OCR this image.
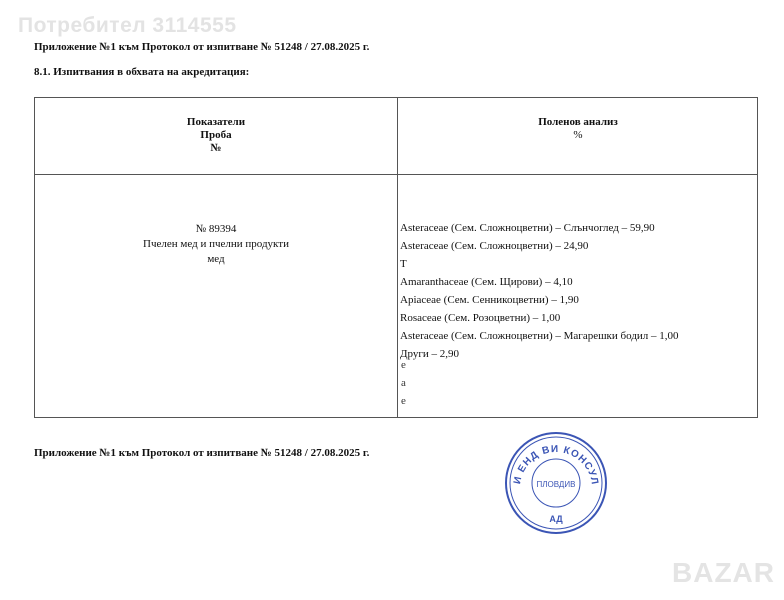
Потребител 3114555
Приложение №1 към Протокол от изпитване № 51248 / 27.08.2025 г.
8.1. Изпитвания в обхвата на акредитация:
Показатели
Проба
№
Поленов анализ
%
№ 89394
Пчелен мед и пчелни продукти
мед
Asteraceae (Сем. Сложноцветни) – Слънчоглед – 59,90
Asteraceae (Сем. Сложноцветни) – 24,90
T
Amaranthaceae (Сем. Щирови) – 4,10
Apiaceae (Сем. Сенникоцветни) – 1,90
Rosaceae (Сем. Розоцветни) – 1,00
Asteraceae (Сем. Сложноцветни) – Магарешки бодил – 1,00
Други – 2,90
e
a
e
Приложение №1 към Протокол от изпитване № 51248 / 27.08.2025 г.
И ЕНД ВИ КОНСУЛ
ПЛОВДИВ
АД
BAZAR
